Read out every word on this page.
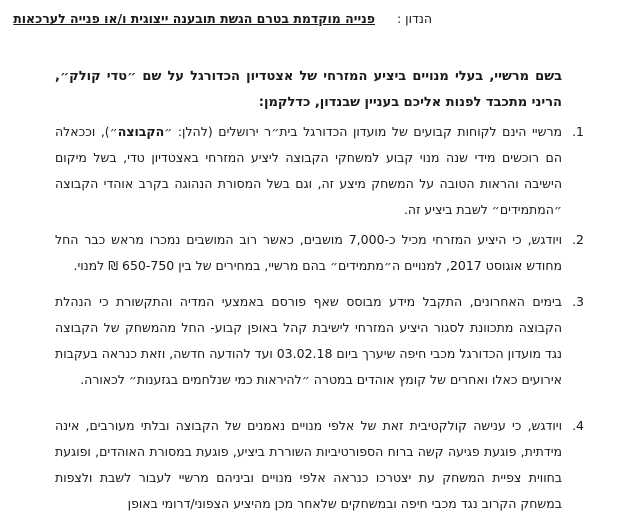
הנדון : פנייה מוקדמת בטרם הגשת תובענה ייצוגית ו/או פנייה לערכאות
בשם מרשיי, בעלי מנויים ביציע המזרחי של אצטדיון הכדורגל על שם ״טדי קולק״, הריני מתכבד לפנות אליכם בעניין שבנדון, כדלקמן:
1.

מרשיי הינם לקוחות קבועים של מועדון הכדורגל בית״ר ירושלים (להלן: ״הקבוצה״), וככאלה הם רוכשים מידי שנה מנוי קבוע למשחקי הקבוצה ליציע המזרחי באצטדיון טדי, בשל מיקום הישיבה והראות הטובה על המשחק מיצע זה, וגם בשל המסורת הנהוגה בקרב אוהדי הקבוצה ״המתמידים״ לשבת ביציע זה.

2.

ויודגש, כי היציע המזרחי מכיל כ-7,000 מושבים, כאשר רוב המושבים נמכרו מראש כבר החל מחודש אוגוסט 2017, למנויים ה״מתמידים״ בהם מרשיי, במחירים של בין 650-750 ₪ למנוי.

3.

בימים האחרונים, התקבל מידע מבוסס שאף פורסם באמצעי המדיה והתקשורת כי הנהלת הקבוצה מתכוונת לסגור היציע המזרחי לישיבת קהל באופן קבוע- החל מהמשחק של הקבוצה נגד מועדון הכדורגל מכבי חיפה שיערך ביום 03.02.18 ועד להודעה חדשה, וזאת כנראה בעקבות אירועים כאלו ואחרים של קומץ אוהדים במטרה ״להיראות כמי שנלחמים בגזענות״ לכאורה.

4.

ויודגש, כי ענישה קולקטיבית זאת של אלפי מנויים נאמנים של הקבוצה ובלתי מעורבים, אינה מידתית, פוגעת פגיעה קשה ברוח הספורטיביות השוררת ביציע, פוגעת במסורת האוהדים, ופוגעת בחווית צפיית המשחק עת יצטרכו כנראה אלפי מנויים וביניהם מרשיי לעבור לשבת ולצפות במשחק הקרוב נגד מכבי חיפה ובמשחקים שלאחר מכן מהיציע הצפוני/דרומי באופן
